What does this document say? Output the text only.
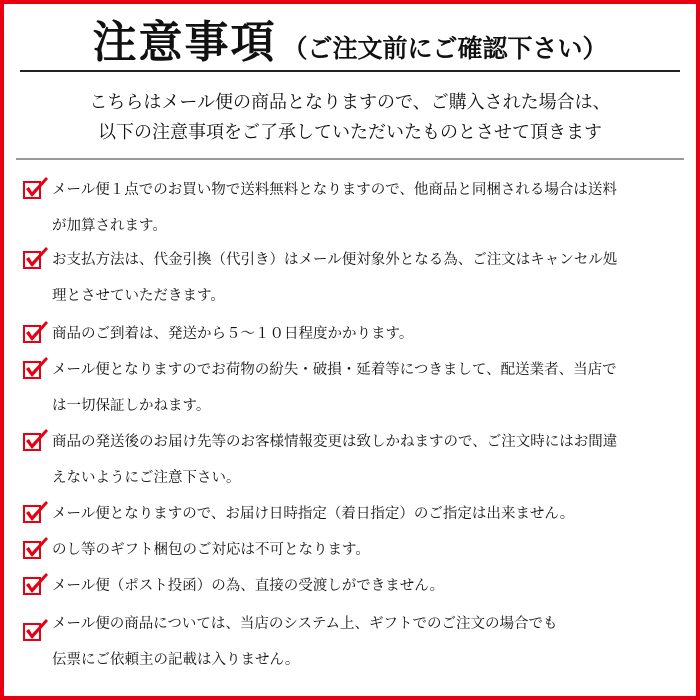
注意事項 （ご注文前にご確認下さい）
こちらはメール便の商品となりますので、ご購入された場合は、
以下の注意事項をご了承していただいたものとさせて頂きます
メール便１点でのお買い物で送料無料となりますので、他商品と同梱される場合は送料
が加算されます。
お支払方法は、代金引換（代引き）はメール便対象外となる為、ご注文はキャンセル処
理とさせていただきます。
商品のご到着は、発送から５～１０日程度かかります。
メール便となりますのでお荷物の紛失・破損・延着等につきまして、配送業者、当店で
は一切保証しかねます。
商品の発送後のお届け先等のお客様情報変更は致しかねますので、ご注文時にはお間違
えないようにご注意下さい。
メール便となりますので、お届け日時指定（着日指定）のご指定は出来ません。
のし等のギフト梱包のご対応は不可となります。
メール便（ポスト投函）の為、直接の受渡しができません。
メール便の商品については、当店のシステム上、ギフトでのご注文の場合でも
伝票にご依頼主の記載は入りません。
